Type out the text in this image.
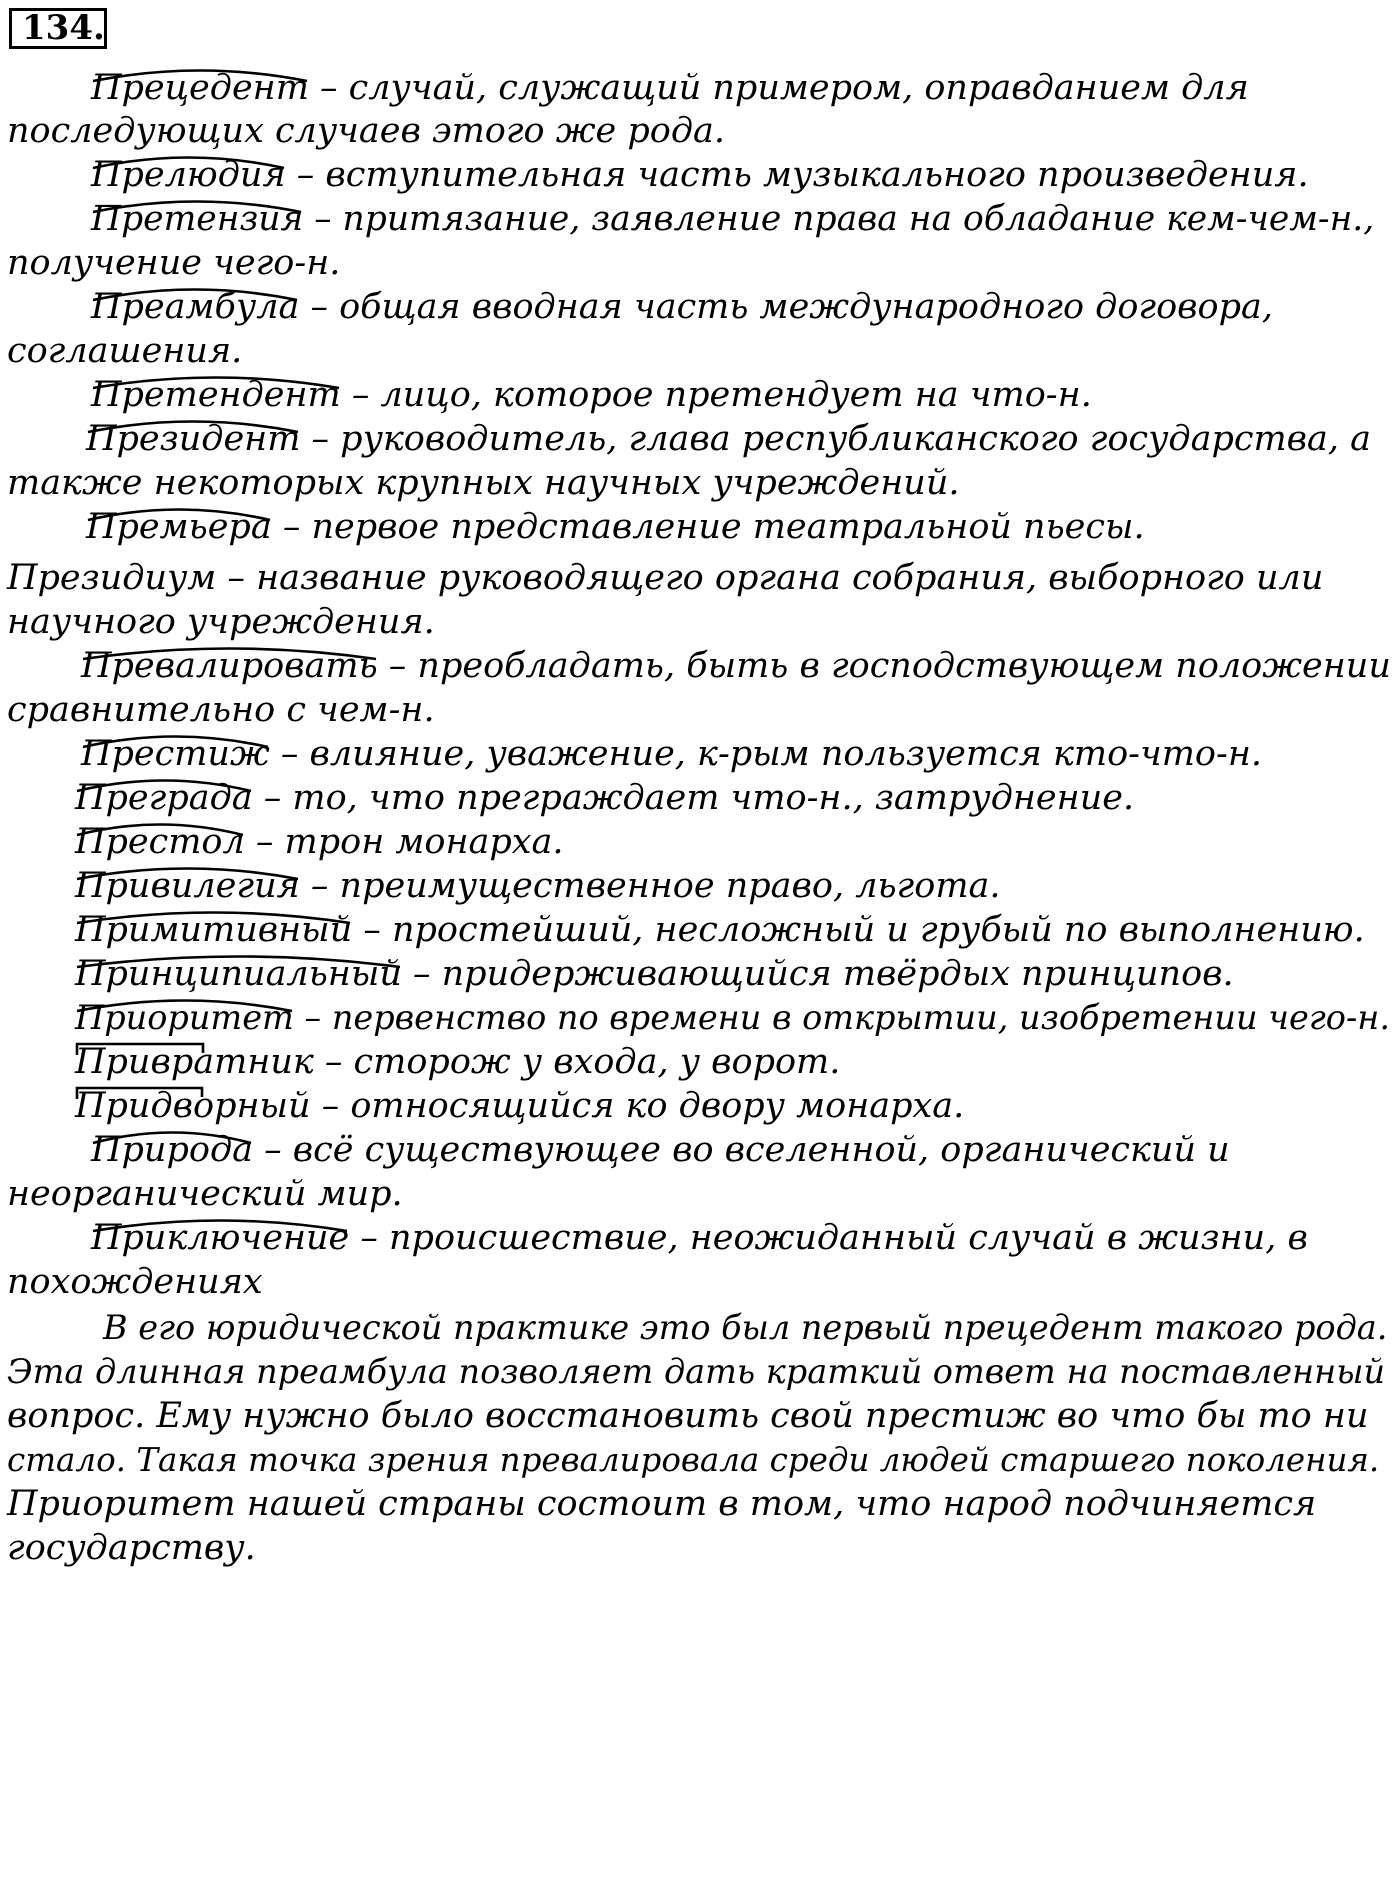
134.
Прецедент
– случай, служащий примером, оправданием для
последующих случаев этого же рода.
Прелюдия
– вступительная часть музыкального произведения.
Претензия
– притязание, заявление права на обладание кем-чем-н.,
получение чего-н.
Преамбула
– общая вводная часть международного договора,
соглашения.
Претендент
– лицо, которое претендует на что-н.
Президент
– руководитель, глава республиканского государства, а
также некоторых крупных научных учреждений.
Премьера
– первое представление театральной пьесы.
Президиум – название руководящего органа собрания, выборного или
научного учреждения.
Превалировать
– преобладать, быть в господствующем положении
сравнительно с чем-н.
Престиж
– влияние, уважение, к-рым пользуется кто-что-н.
Преграда
– то, что преграждает что-н., затруднение.
Престол
– трон монарха.
Привилегия
– преимущественное право, льгота.
Примитивный
– простейший, несложный и грубый по выполнению.
Принципиальный
– придерживающийся твёрдых принципов.
Приоритет
– первенство по времени в открытии, изобретении чего-н.
Привратник
– сторож у входа, у ворот.
Придворный
– относящийся ко двору монарха.
Природа
– всё существующее во вселенной, органический и
неорганический мир.
Приключение
– происшествие, неожиданный случай в жизни, в
похождениях
В его юридической практике это был первый прецедент такого рода.
Эта длинная преамбула позволяет дать краткий ответ на поставленный
вопрос. Ему нужно было восстановить свой престиж во что бы то ни
стало. Такая точка зрения превалировала среди людей старшего поколения.
Приоритет нашей страны состоит в том, что народ подчиняется
государству.
